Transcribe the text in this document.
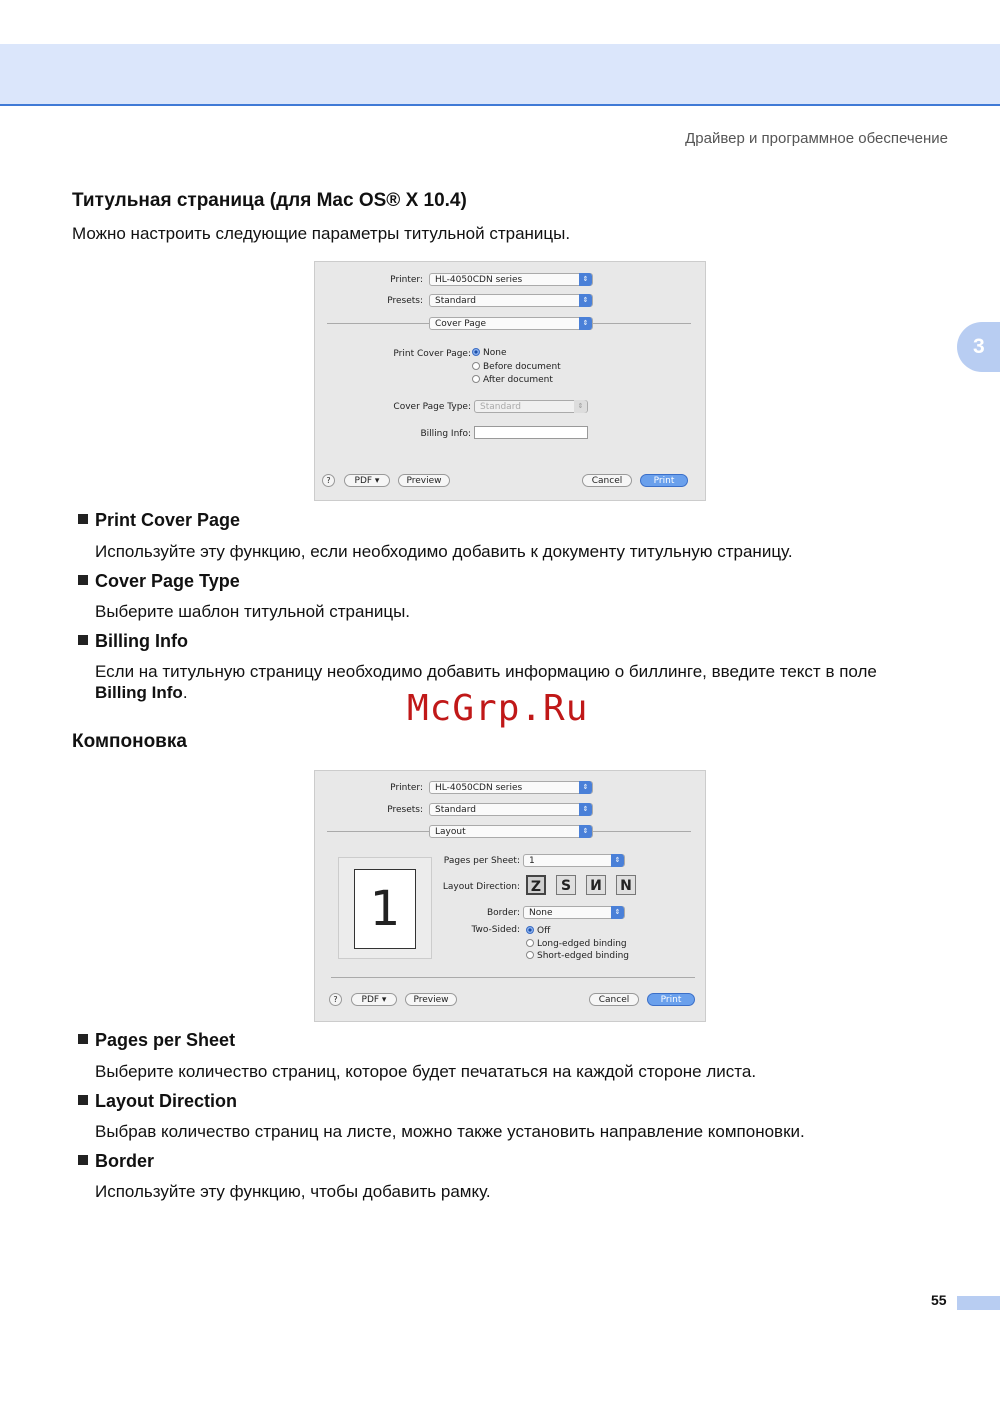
Драйвер и программное обеспечение
3
Титульная страница (для Mac OS® X 10.4)

Можно настроить следующие параметры титульной страницы.

Printer:	HL-4050CDN series	⇕
Presets:	Standard	⇕
Cover Page	⇕
Print Cover Page:	None
Before document
After document
Cover Page Type:	Standard	⇕
Billing Info:
?	PDF ▾	Preview	Cancel	Print
Print Cover Page

Используйте эту функцию, если необходимо добавить к документу титульную страницу.

Cover Page Type

Выберите шаблон титульной страницы.

Billing Info

Если на титульную страницу необходимо добавить информацию о биллинге, введите текст в поле
Billing Info.	McGrp.Ru
Компоновка
Printer:	HL-4050CDN series	⇕
Presets:	Standard	⇕
Layout	⇕
1
Pages per Sheet:	1	⇕
Layout Direction: Z	S	И N
Border:	None	⇕
Two-Sided:	Off
Long-edged binding
Short-edged binding
?	PDF ▾	Preview	Cancel	Print
Pages per Sheet

Выберите количество страниц, которое будет печататься на каждой стороне листа.

Layout Direction

Выбрав количество страниц на листе, можно также установить направление компоновки.

Border

Используйте эту функцию, чтобы добавить рамку.

55
